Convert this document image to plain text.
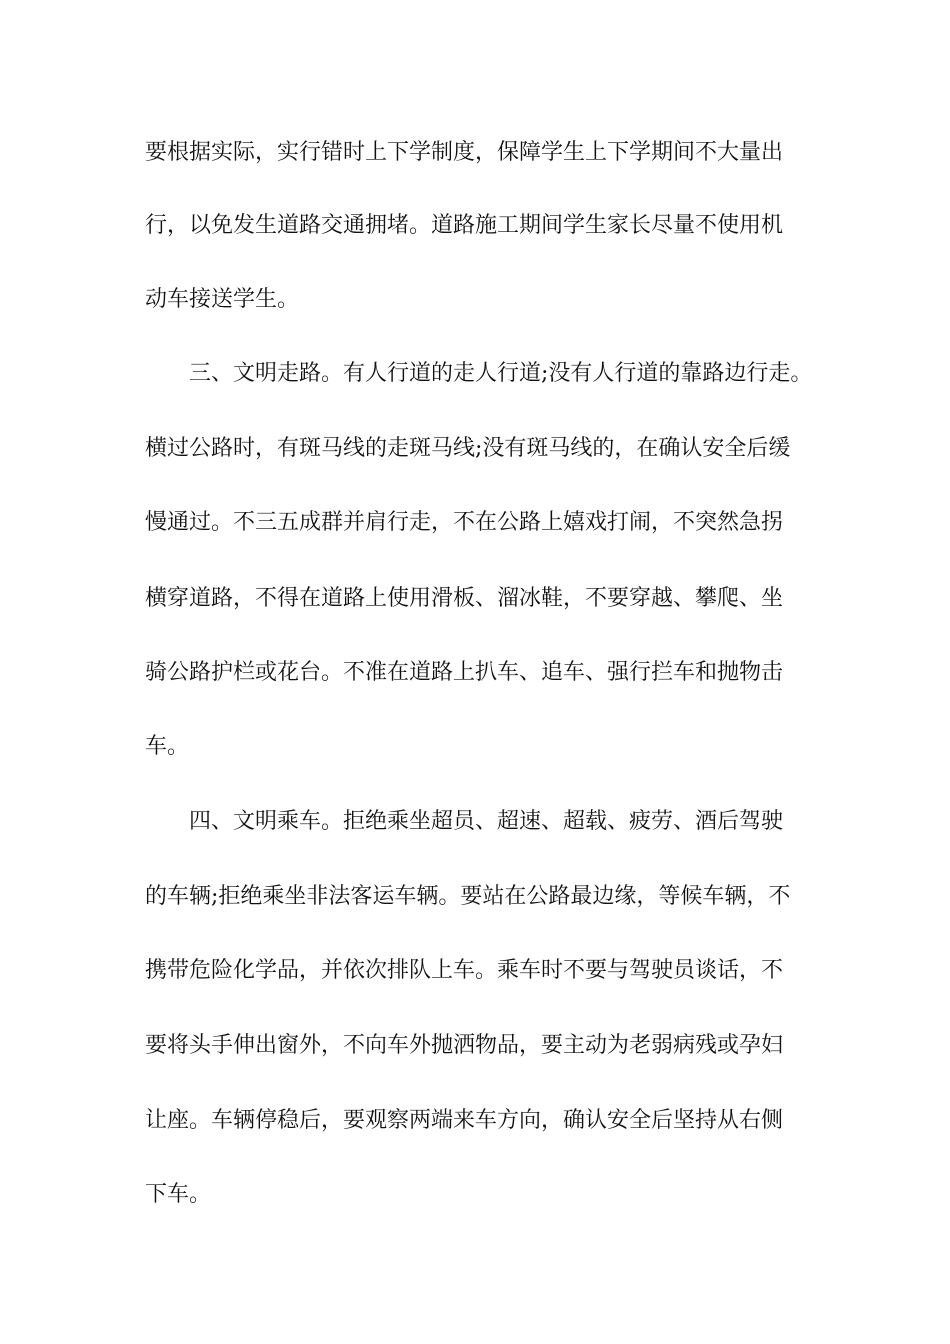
要根据实际，实行错时上下学制度，保障学生上下学期间不大量出
行，以免发生道路交通拥堵。道路施工期间学生家长尽量不使用机
动车接送学生。
　　三、文明走路。有人行道的走人行道;没有人行道的靠路边行走。
横过公路时，有斑马线的走斑马线;没有斑马线的，在确认安全后缓
慢通过。不三五成群并肩行走，不在公路上嬉戏打闹，不突然急拐
横穿道路，不得在道路上使用滑板、溜冰鞋，不要穿越、攀爬、坐
骑公路护栏或花台。不准在道路上扒车、追车、强行拦车和抛物击
车。
　　四、文明乘车。拒绝乘坐超员、超速、超载、疲劳、酒后驾驶
的车辆;拒绝乘坐非法客运车辆。要站在公路最边缘，等候车辆，不
携带危险化学品，并依次排队上车。乘车时不要与驾驶员谈话，不
要将头手伸出窗外，不向车外抛洒物品，要主动为老弱病残或孕妇
让座。车辆停稳后，要观察两端来车方向，确认安全后坚持从右侧
下车。
